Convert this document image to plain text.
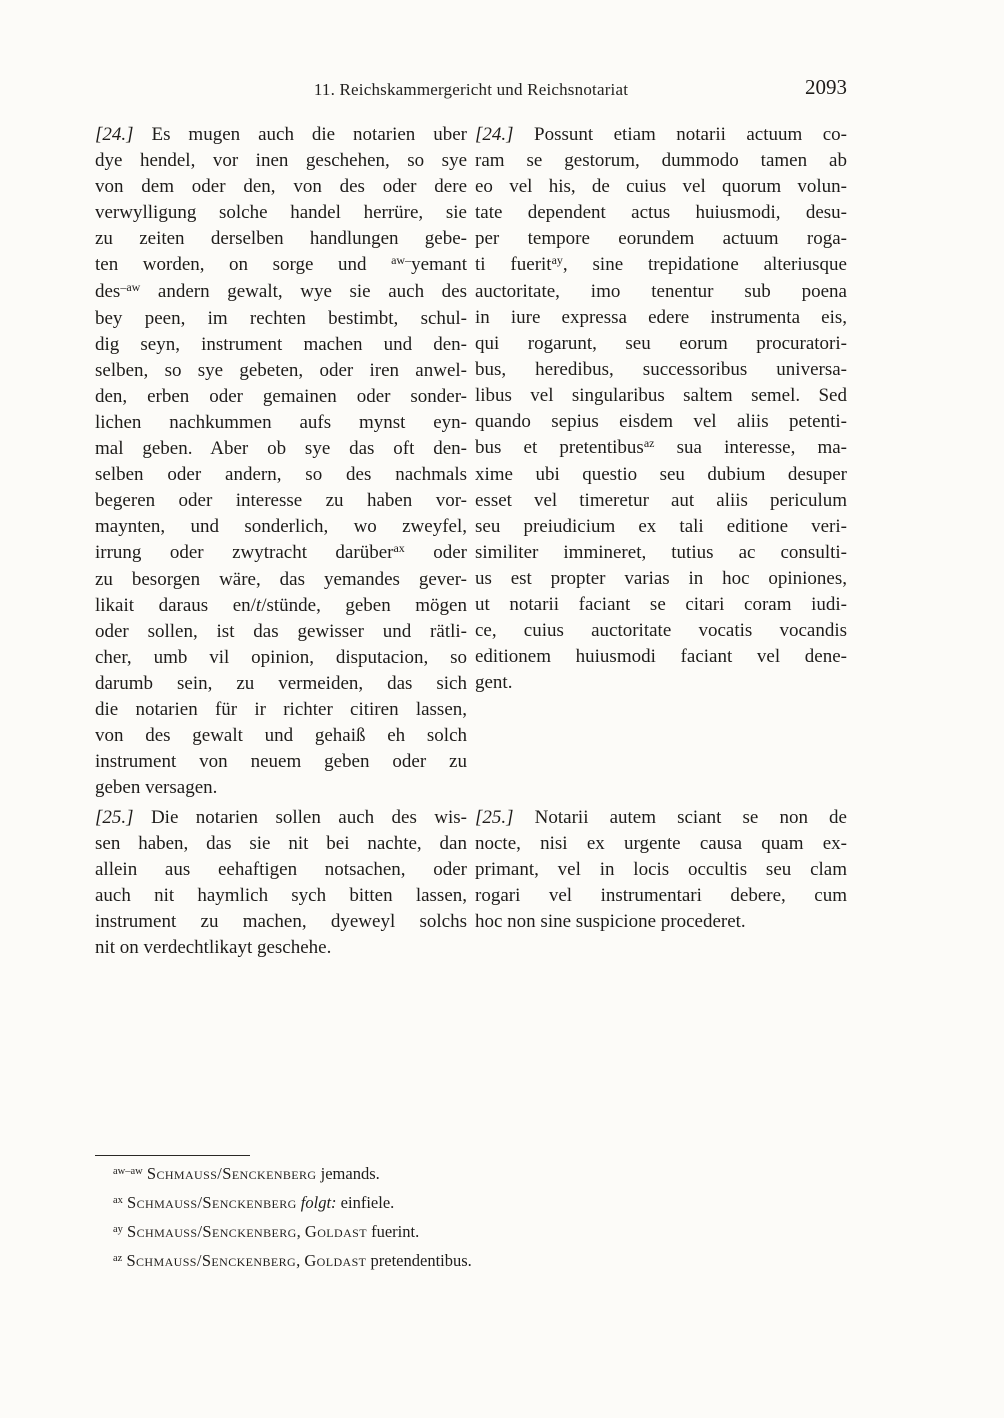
11. Reichskammergericht und Reichsnotariat	2093
[24.] Es mugen auch die notarien uber
dye hendel, vor inen geschehen, so sye
von dem oder den, von des oder dere
verwylligung solche handel herrüre, sie
zu zeiten derselben handlungen gebe-
ten worden, on sorge und $^{aw-}$yemant
des$^{-aw}$ andern gewalt, wye sie auch des
bey peen, im rechten bestimbt, schul-
dig seyn, instrument machen und den-
selben, so sye gebeten, oder iren anwel-
den, erben oder gemainen oder sonder-
lichen nachkummen aufs mynst eyn-
mal geben. Aber ob sye das oft den-
selben oder andern, so des nachmals
begeren oder interesse zu haben vor-
maynten, und sonderlich, wo zweyfel,
irrung oder zwytracht darüber$^{ax}$ oder
zu besorgen wäre, das yemandes gever-
likait daraus en/t/stünde, geben mögen
oder sollen, ist das gewisser und rätli-
cher, umb vil opinion, disputacion, so
darumb sein, zu vermeiden, das sich
die notarien für ir richter citiren lassen,
von des gewalt und gehaiß eh solch
instrument von neuem geben oder zu
geben versagen.
[24.] Possunt etiam notarii actuum co-
ram se gestorum, dummodo tamen ab
eo vel his, de cuius vel quorum volun-
tate dependent actus huiusmodi, desu-
per tempore eorundem actuum roga-
ti fuerit$^{ay}$, sine trepidatione alteriusque
auctoritate, imo tenentur sub poena
in iure expressa edere instrumenta eis,
qui rogarunt, seu eorum procuratori-
bus, heredibus, successoribus universa-
libus vel singularibus saltem semel. Sed
quando sepius eisdem vel aliis petenti-
bus et pretentibus$^{az}$ sua interesse, ma-
xime ubi questio seu dubium desuper
esset vel timeretur aut aliis periculum
seu preiudicium ex tali editione veri-
similiter immineret, tutius ac consulti-
us est propter varias in hoc opiniones,
ut notarii faciant se citari coram iudi-
ce, cuius auctoritate vocatis vocandis
editionem huiusmodi faciant vel dene-
gent.
[25.] Die notarien sollen auch des wis-
sen haben, das sie nit bei nachte, dan
allein aus eehaftigen notsachen, oder
auch nit haymlich sych bitten lassen,
instrument zu machen, dyeweyl solchs
nit on verdechtlikayt geschehe.
[25.] Notarii autem sciant se non de
nocte, nisi ex urgente causa quam ex-
primant, vel in locis occultis seu clam
rogari vel instrumentari debere, cum
hoc non sine suspicione procederet.
$^{aw-aw}$ Schmauss/Senckenberg jemands.
$^{ax}$ Schmauss/Senckenberg folgt: einfiele.
$^{ay}$ Schmauss/Senckenberg, Goldast fuerint.
$^{az}$ Schmauss/Senckenberg, Goldast pretendentibus.
